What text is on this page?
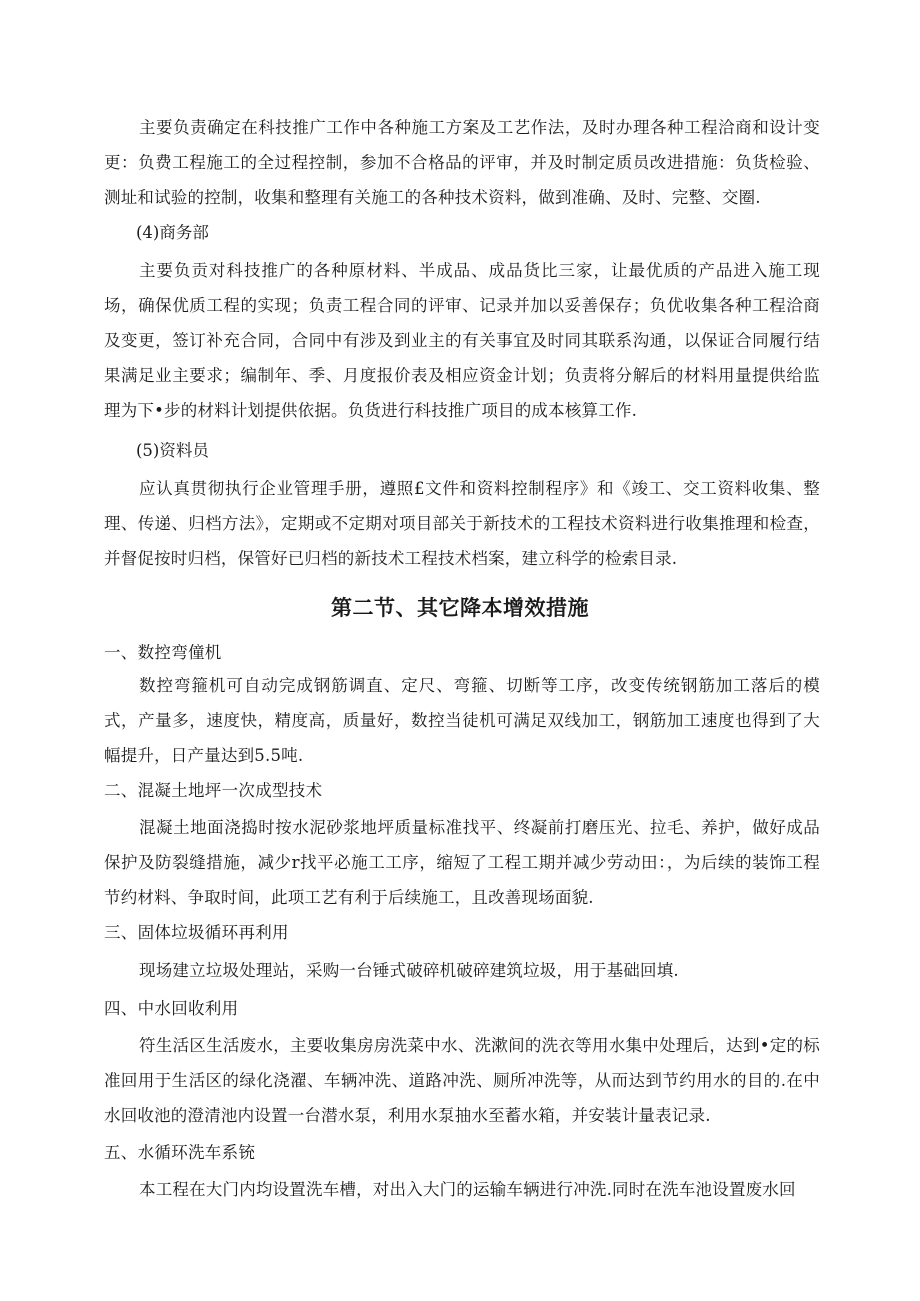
主要负责确定在科技推广工作中各种施工方案及工艺作法，及时办理各种工程洽商和设计变更：负费工程施工的全过程控制，参加不合格品的评审，并及时制定质员改进措施：负货检验、测址和试验的控制，收集和整理有关施工的各种技术资料，做到准确、及时、完整、交圈.

(4)商务部

主要负贡对科技推广的各种原材料、半成品、成品货比三家，让最优质的产品进入施工现场，确保优质工程的实现；负责工程合同的评审、记录并加以妥善保存；负优收集各种工程洽商及变更，签订补充合同，合同中有涉及到业主的有关事宜及时同其联系沟通，以保证合同履行结果满足业主要求；编制年、季、月度报价表及相应资金计划；负责将分解后的材料用量提供给监理为下•步的材料计划提供依据。负货进行科技推广项目的成本核算工作.

(5)资料员

应认真贯彻执行企业管理手册，遵照£文件和资料控制程序》和《竣工、交工资料收集、整理、传递、归档方法》，定期或不定期对项目部关于新技术的工程技术资料进行收集推理和检查，并督促按时归档，保管好已归档的新技术工程技术档案，建立科学的检索目录.

第二节、其它降本增效措施

一、数控弯僮机

数控弯箍机可自动完成钢筋调直、定尺、弯箍、切断等工序，改变传统钢筋加工落后的模式，产量多，速度快，精度高，质量好，数控当徒机可满足双线加工，钢筋加工速度也得到了大幅提升，日产量达到5.5吨.

二、混凝土地坪一次成型技术

混凝土地面浇捣时按水泥砂浆地坪质量标准找平、终凝前打磨压光、拉毛、养护，做好成品保护及防裂缝措施，减少r找平必施工工序，缩短了工程工期并减少劳动田：，为后续的装饰工程节约材料、争取时间，此项工艺有利于后续施工，且改善现场面貌.

三、固体垃圾循环再利用

现场建立垃圾处理站，采购一台锤式破碎机破碎建筑垃圾，用于基础回填.

四、中水回收利用

符生活区生活废水，主要收集房房洗菜中水、洗漱间的洗衣等用水集中处理后，达到•定的标准回用于生活区的绿化浇濯、车辆冲洗、道路冲洗、厕所冲洗等，从而达到节约用水的目的.在中水回收池的澄清池内设置一台潜水泵，利用水泵抽水至蓄水箱，并安装计量表记录.

五、水循环洗车系铳

本工程在大门内均设置洗车槽，对出入大门的运输车辆进行冲洗.同时在洗车池设置废水回
